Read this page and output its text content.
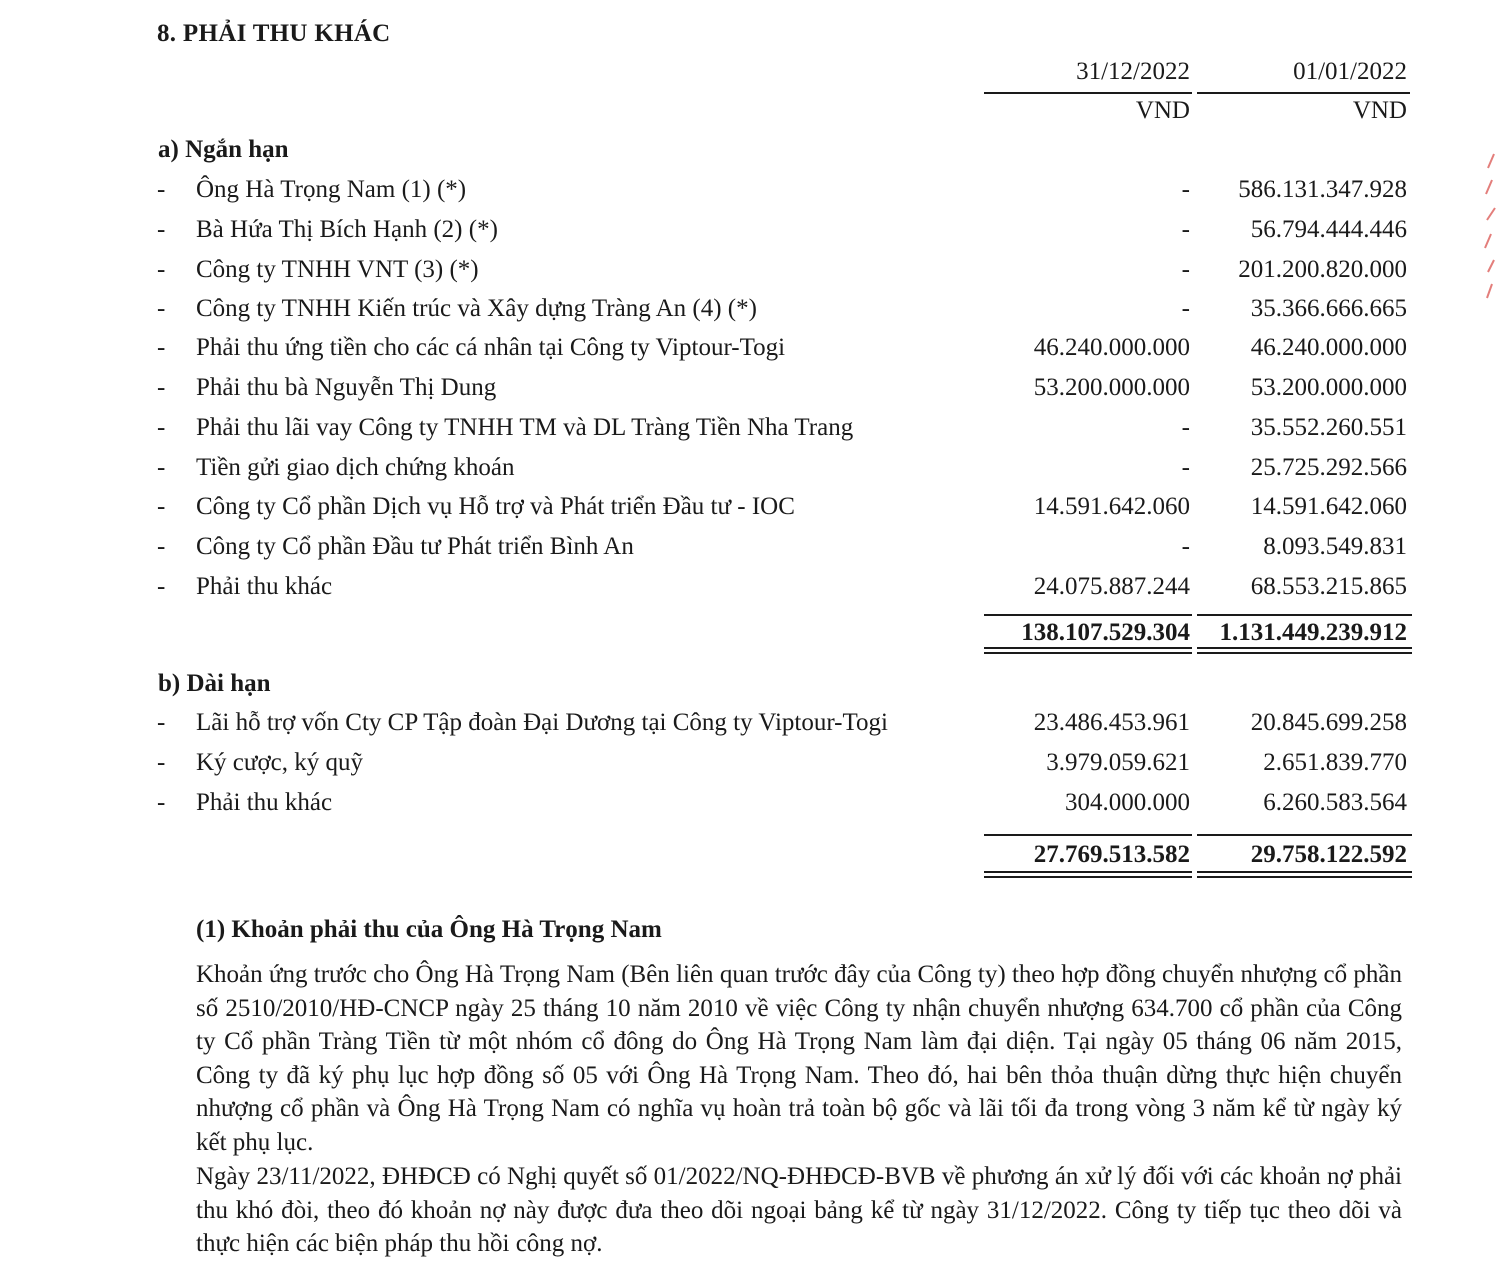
8. PHẢI THU KHÁC
31/12/2022	01/01/2022
VND	VND
a) Ngắn hạn
- Ông Hà Trọng Nam (1) (*)	-	586.131.347.928
- Bà Hứa Thị Bích Hạnh (2) (*)	-	56.794.444.446
- Công ty TNHH VNT (3) (*)	-	201.200.820.000
- Công ty TNHH Kiến trúc và Xây dựng Tràng An (4) (*)	-	35.366.666.665
- Phải thu ứng tiền cho các cá nhân tại Công ty Viptour-Togi	46.240.000.000	46.240.000.000
- Phải thu bà Nguyễn Thị Dung	53.200.000.000	53.200.000.000
- Phải thu lãi vay Công ty TNHH TM và DL Tràng Tiền Nha Trang	-	35.552.260.551
- Tiền gửi giao dịch chứng khoán	-	25.725.292.566
- Công ty Cổ phần Dịch vụ Hỗ trợ và Phát triển Đầu tư - IOC	14.591.642.060	14.591.642.060
- Công ty Cổ phần Đầu tư Phát triển Bình An	-	8.093.549.831
- Phải thu khác	24.075.887.244	68.553.215.865
138.107.529.304	1.131.449.239.912
b) Dài hạn
- Lãi hỗ trợ vốn Cty CP Tập đoàn Đại Dương tại Công ty Viptour-Togi	23.486.453.961	20.845.699.258
- Ký cược, ký quỹ	3.979.059.621	2.651.839.770
- Phải thu khác	304.000.000	6.260.583.564
27.769.513.582	29.758.122.592
(1) Khoản phải thu của Ông Hà Trọng Nam
Khoản ứng trước cho Ông Hà Trọng Nam (Bên liên quan trước đây của Công ty) theo hợp đồng chuyển nhượng cổ phần số 2510/2010/HĐ-CNCP ngày 25 tháng 10 năm 2010 về việc Công ty nhận chuyển nhượng 634.700 cổ phần của Công ty Cổ phần Tràng Tiền từ một nhóm cổ đông do Ông Hà Trọng Nam làm đại diện. Tại ngày 05 tháng 06 năm 2015, Công ty đã ký phụ lục hợp đồng số 05 với Ông Hà Trọng Nam. Theo đó, hai bên thỏa thuận dừng thực hiện chuyển nhượng cổ phần và Ông Hà Trọng Nam có nghĩa vụ hoàn trả toàn bộ gốc và lãi tối đa trong vòng 3 năm kể từ ngày ký kết phụ lục.
Ngày 23/11/2022, ĐHĐCĐ có Nghị quyết số 01/2022/NQ-ĐHĐCĐ-BVB về phương án xử lý đối với các khoản nợ phải thu khó đòi, theo đó khoản nợ này được đưa theo dõi ngoại bảng kể từ ngày 31/12/2022. Công ty tiếp tục theo dõi và thực hiện các biện pháp thu hồi công nợ.
